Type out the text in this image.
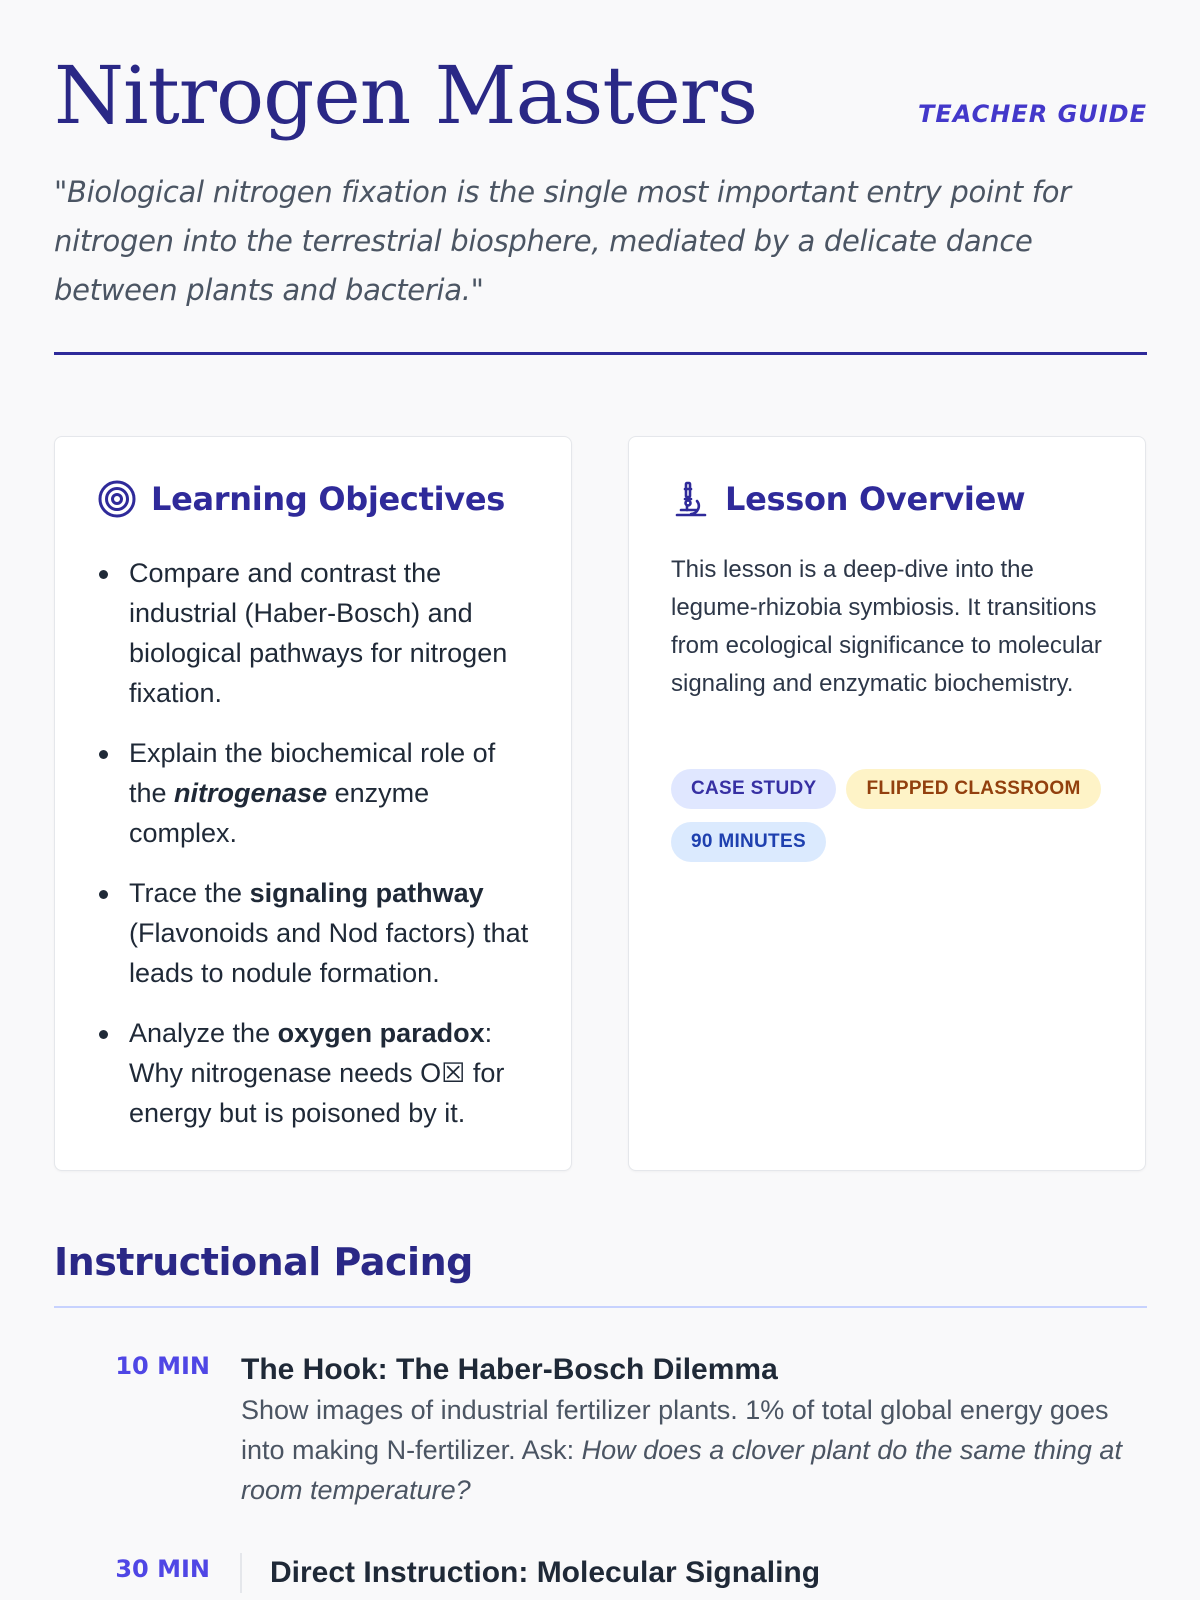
Nitrogen Masters	TEACHER GUIDE

"Biological nitrogen fixation is the single most important entry point for nitrogen into the terrestrial biosphere, mediated by a delicate dance between plants and bacteria."

Learning Objectives
Compare and contrast the industrial (Haber-Bosch) and biological pathways for nitrogen fixation.
Explain the biochemical role of the nitrogenase enzyme complex.
Trace the signaling pathway (Flavonoids and Nod factors) that leads to nodule formation.
Analyze the oxygen paradox: Why nitrogenase needs O☒ for energy but is poisoned by it.
Lesson Overview

This lesson is a deep-dive into the legume-rhizobia symbiosis. It transitions from ecological significance to molecular signaling and enzymatic biochemistry.

CASE STUDY	FLIPPED CLASSROOM
90 MINUTES
Instructional Pacing
10 MIN The Hook: The Haber-Bosch Dilemma
Show images of industrial fertilizer plants. 1% of total global energy goes into making N-fertilizer. Ask: How does a clover plant do the same thing at room temperature?
30 MIN Direct Instruction: Molecular Signaling
